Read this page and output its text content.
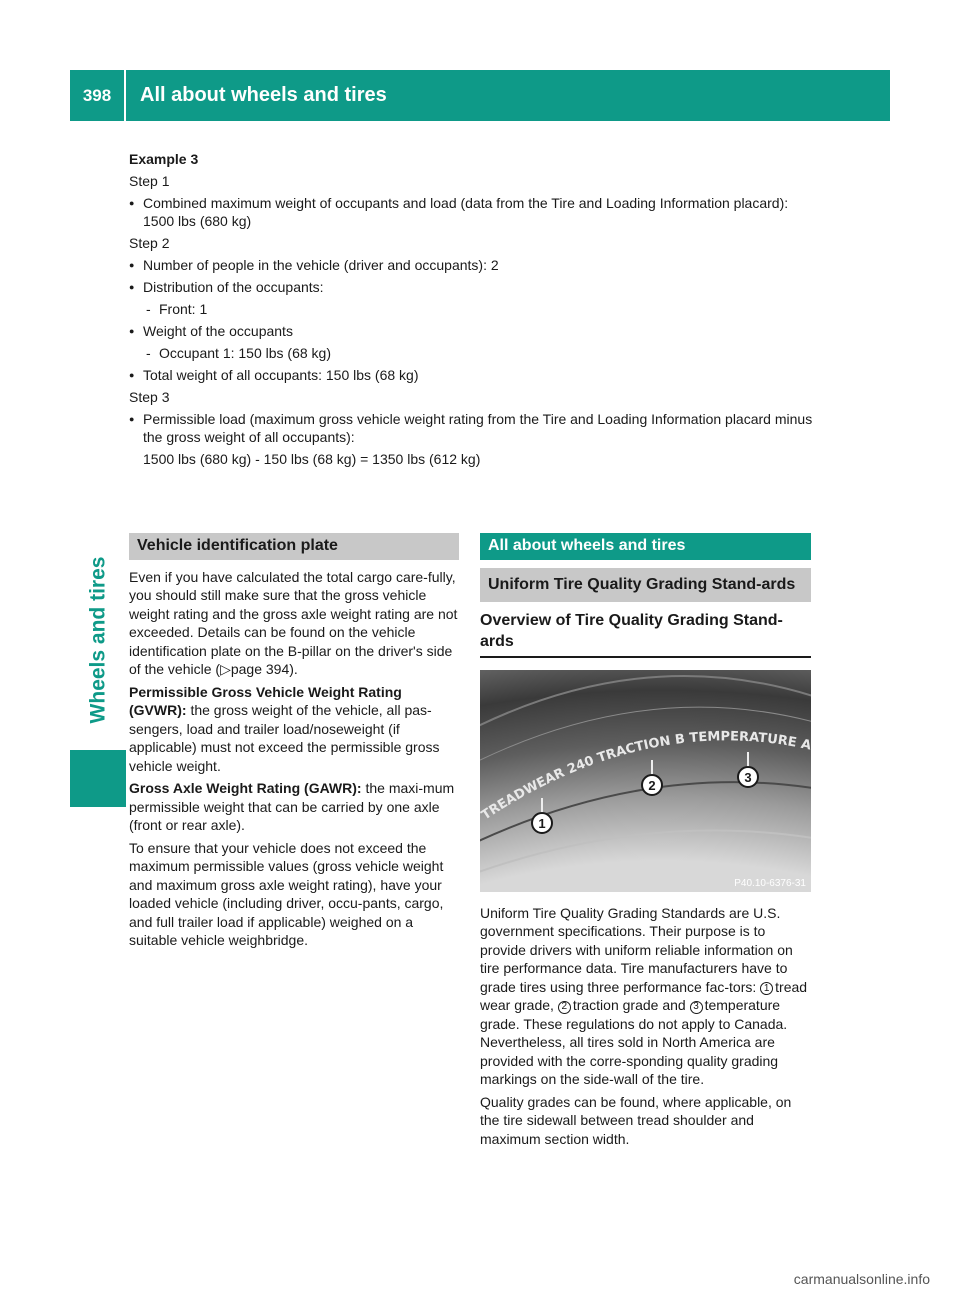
398	All about wheels and tires
Wheels and tires

Example 3

Step 1

● Combined maximum weight of occupants and load (data from the Tire and Loading Information placard): 1500 lbs (680 kg)

Step 2

● Number of people in the vehicle (driver and occupants): 2

● Distribution of the occupants:

- Front: 1

● Weight of the occupants

- Occupant 1: 150 lbs (68 kg)

● Total weight of all occupants: 150 lbs (68 kg)

Step 3

● Permissible load (maximum gross vehicle weight rating from the Tire and Loading Information placard minus the gross weight of all occupants):

1500 lbs (680 kg) - 150 lbs (68 kg) = 1350 lbs (612 kg)

Vehicle identification plate

Even if you have calculated the total cargo care-fully, you should still make sure that the gross vehicle weight rating and the gross axle weight rating are not exceeded. Details can be found on the vehicle identification plate on the B-pillar on the driver's side of the vehicle (▷page 394).

Permissible Gross Vehicle Weight Rating (GVWR): the gross weight of the vehicle, all pas-sengers, load and trailer load/noseweight (if applicable) must not exceed the permissible gross vehicle weight.

Gross Axle Weight Rating (GAWR): the maxi-mum permissible weight that can be carried by one axle (front or rear axle).

To ensure that your vehicle does not exceed the maximum permissible values (gross vehicle weight and maximum gross axle weight rating), have your loaded vehicle (including driver, occu-pants, cargo, and full trailer load if applicable) weighed on a suitable vehicle weighbridge.

All about wheels and tires
Uniform Tire Quality Grading Stand-ards
Overview of Tire Quality Grading Stand-ards
TREADWEAR 240 TRACTION B TEMPERATURE
1
2
3
P40.10-6376-31

Uniform Tire Quality Grading Standards are U.S. government specifications. Their purpose is to provide drivers with uniform reliable information on tire performance data. Tire manufacturers have to grade tires using three performance fac-tors: 1 tread wear grade, 2 traction grade and 3 temperature grade. These regulations do not apply to Canada. Nevertheless, all tires sold in North America are provided with the corre-sponding quality grading markings on the side-wall of the tire.

Quality grades can be found, where applicable, on the tire sidewall between tread shoulder and maximum section width.

carmanualsonline.info
